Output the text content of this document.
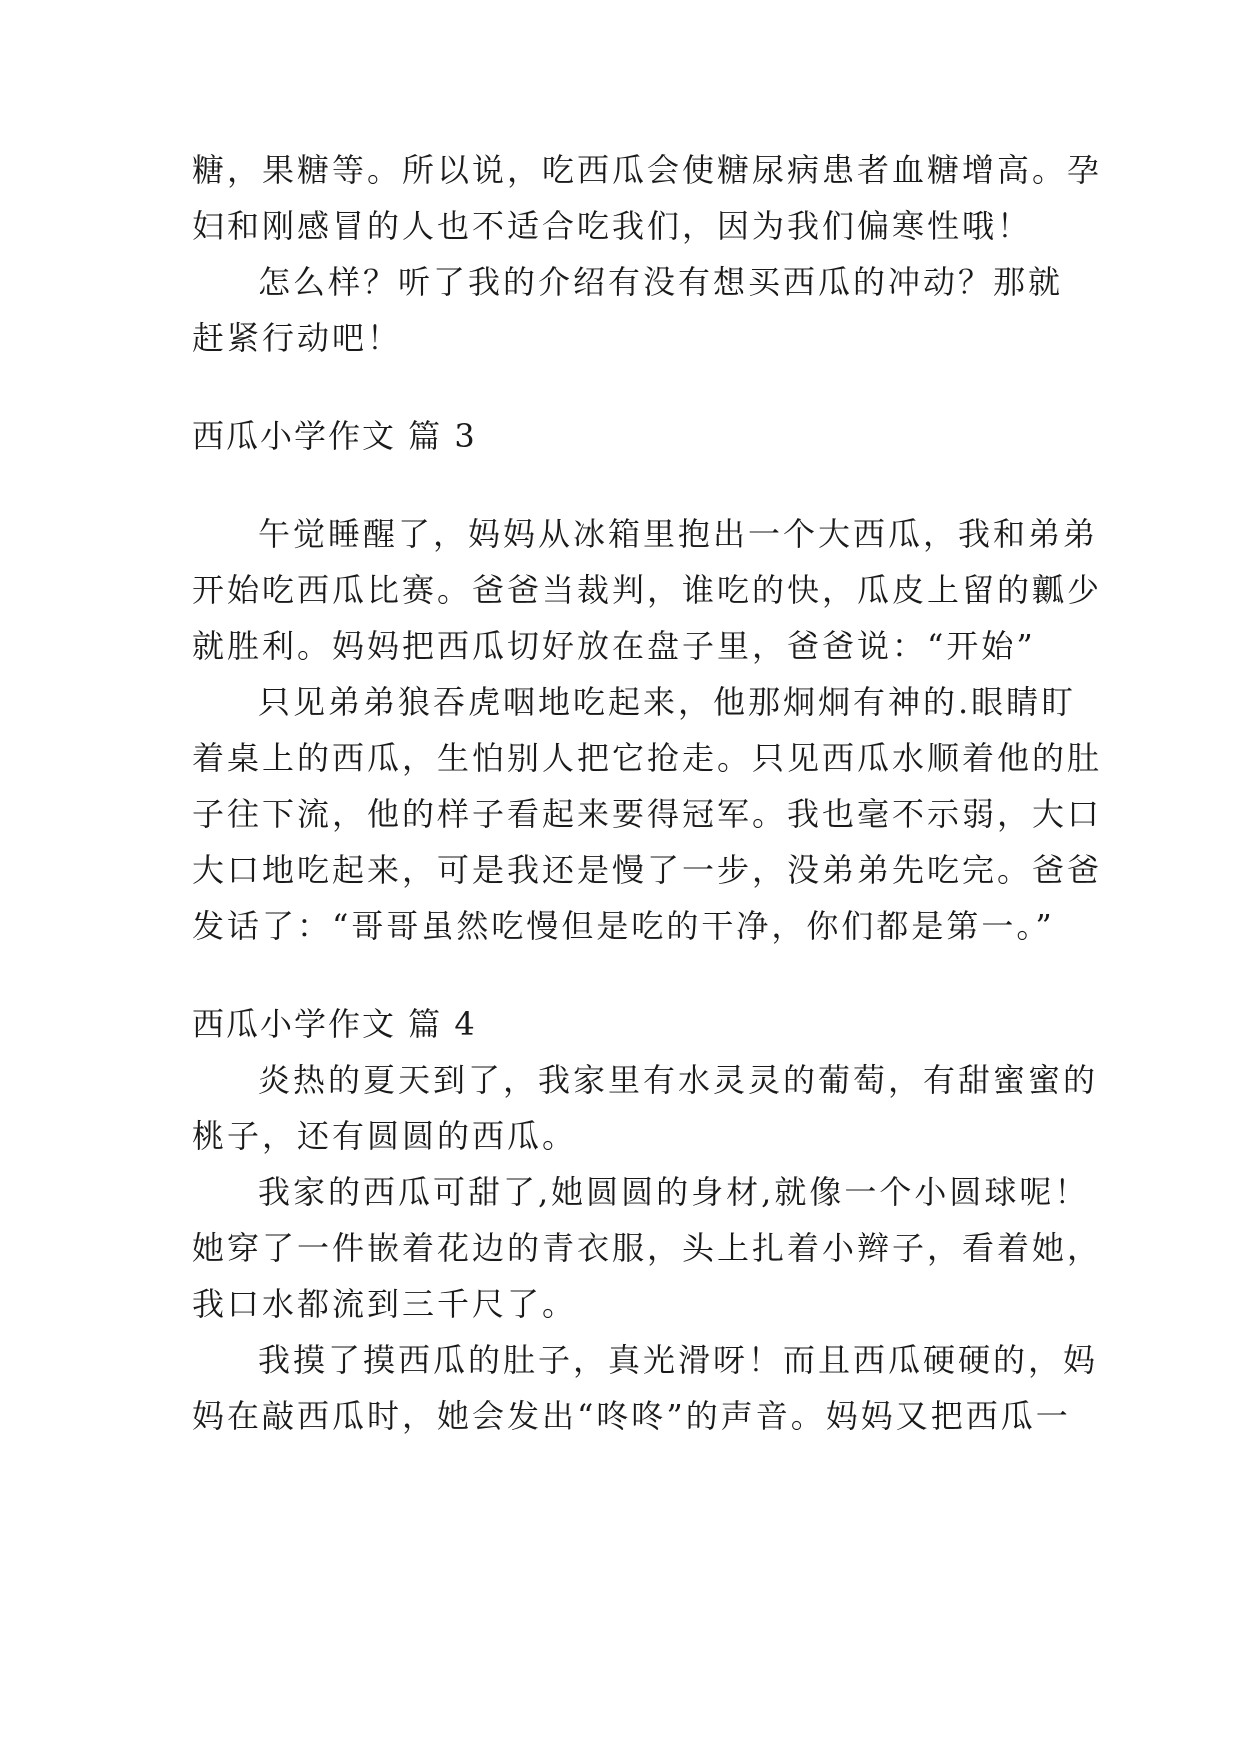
糖，果糖等。所以说，吃西瓜会使糖尿病患者血糖增高。孕
妇和刚感冒的人也不适合吃我们，因为我们偏寒性哦！
怎么样？听了我的介绍有没有想买西瓜的冲动？那就
赶紧行动吧！
西瓜小学作文 篇 3
午觉睡醒了，妈妈从冰箱里抱出一个大西瓜，我和弟弟
开始吃西瓜比赛。爸爸当裁判，谁吃的快，瓜皮上留的瓤少
就胜利。妈妈把西瓜切好放在盘子里，爸爸说：“开始”
只见弟弟狼吞虎咽地吃起来，他那炯炯有神的.眼睛盯
着桌上的西瓜，生怕别人把它抢走。只见西瓜水顺着他的肚
子往下流，他的样子看起来要得冠军。我也毫不示弱，大口
大口地吃起来，可是我还是慢了一步，没弟弟先吃完。爸爸
发话了：“哥哥虽然吃慢但是吃的干净，你们都是第一。”
西瓜小学作文 篇 4
炎热的夏天到了，我家里有水灵灵的葡萄，有甜蜜蜜的
桃子，还有圆圆的西瓜。
我家的西瓜可甜了,她圆圆的身材,就像一个小圆球呢！
她穿了一件嵌着花边的青衣服，头上扎着小辫子，看着她，
我口水都流到三千尺了。
我摸了摸西瓜的肚子，真光滑呀！而且西瓜硬硬的，妈
妈在敲西瓜时，她会发出“咚咚”的声音。妈妈又把西瓜一
